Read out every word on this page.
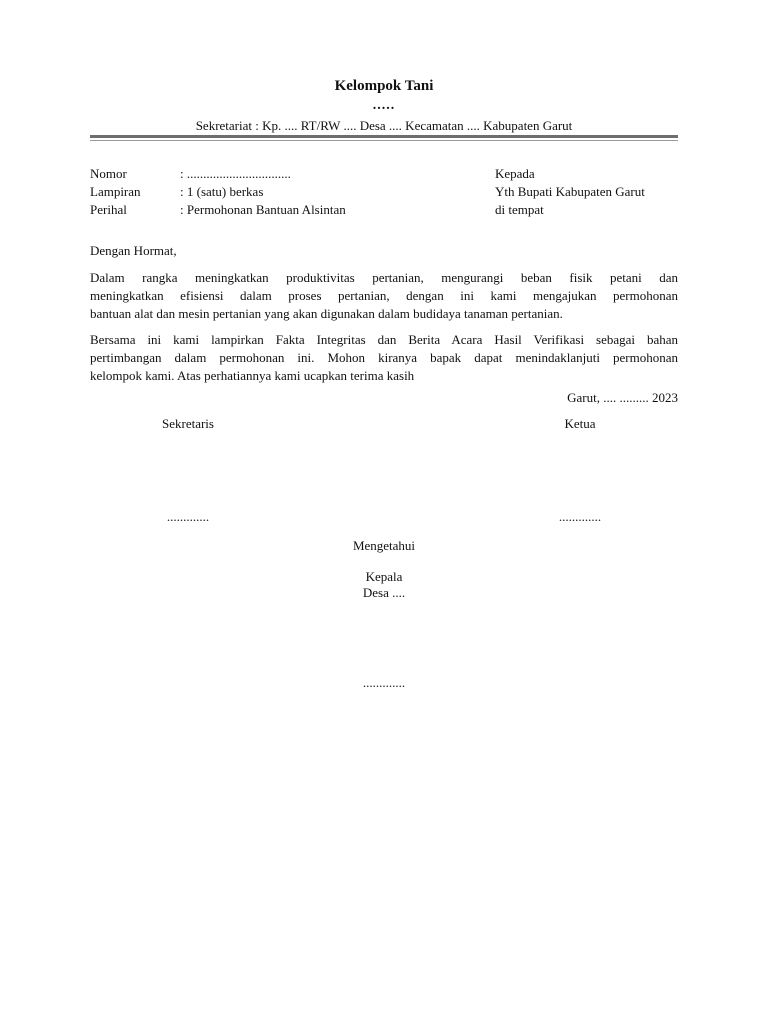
Kelompok Tani
.....
Sekretariat : Kp. .... RT/RW .... Desa .... Kecamatan .... Kabupaten Garut
Nomor	: ................................
Lampiran	: 1 (satu) berkas
Perihal	: Permohonan Bantuan Alsintan
Kepada
Yth Bupati Kabupaten Garut
di tempat
Dengan Hormat,
Dalam rangka meningkatkan produktivitas pertanian, mengurangi beban fisik petani dan
meningkatkan efisiensi dalam proses pertanian, dengan ini kami mengajukan permohonan
bantuan alat dan mesin pertanian yang akan digunakan dalam budidaya tanaman pertanian.
Bersama ini kami lampirkan Fakta Integritas dan Berita Acara Hasil Verifikasi sebagai bahan
pertimbangan dalam permohonan ini. Mohon kiranya bapak dapat menindaklanjuti permohonan
kelompok kami. Atas perhatiannya kami ucapkan terima kasih
Garut, .... ......... 2023
Sekretaris	Ketua
.............	.............
Mengetahui
Kepala
Desa ....
.............
